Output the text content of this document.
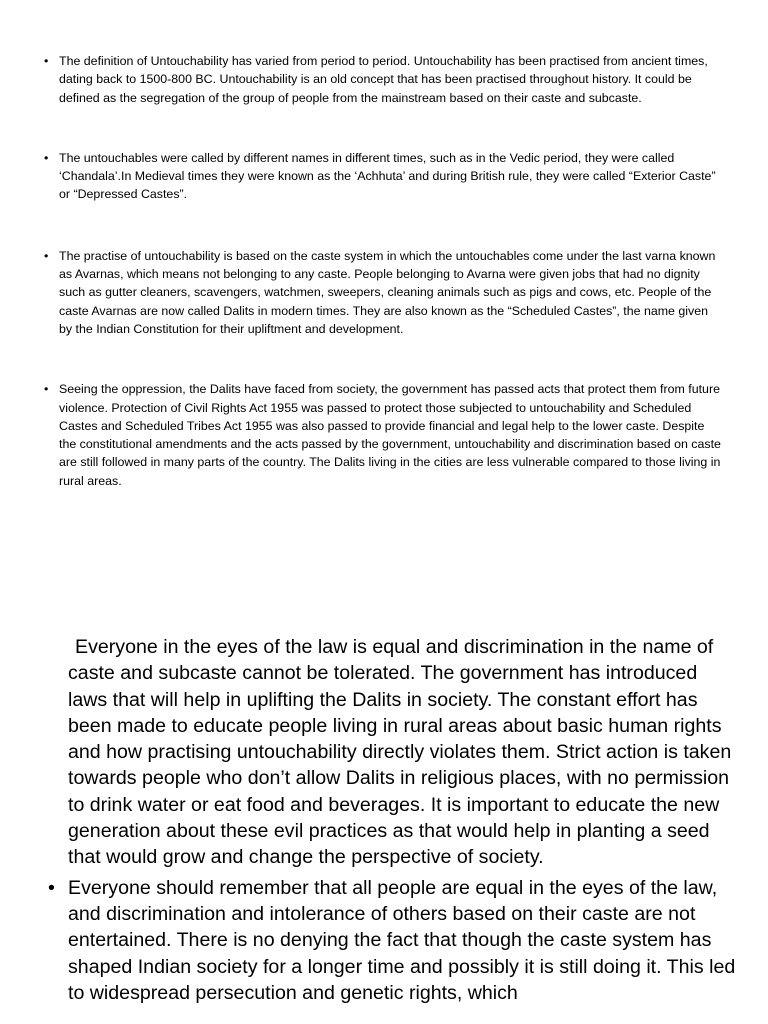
• The definition of Untouchability has varied from period to period. Untouchability has been practised from ancient times, dating back to 1500-800 BC. Untouchability is an old concept that has been practised throughout history. It could be defined as the segregation of the group of people from the mainstream based on their caste and subcaste.
• The untouchables were called by different names in different times, such as in the Vedic period, they were called ‘Chandala’.In Medieval times they were known as the ‘Achhuta’ and during British rule, they were called “Exterior Caste” or “Depressed Castes”.
• The practise of untouchability is based on the caste system in which the untouchables come under the last varna known as Avarnas, which means not belonging to any caste. People belonging to Avarna were given jobs that had no dignity such as gutter cleaners, scavengers, watchmen, sweepers, cleaning animals such as pigs and cows, etc. People of the caste Avarnas are now called Dalits in modern times. They are also known as the “Scheduled Castes”, the name given by the Indian Constitution for their upliftment and development.
• Seeing the oppression, the Dalits have faced from society, the government has passed acts that protect them from future violence. Protection of Civil Rights Act 1955 was passed to protect those subjected to untouchability and Scheduled Castes and Scheduled Tribes Act 1955 was also passed to provide financial and legal help to the lower caste. Despite the constitutional amendments and the acts passed by the government, untouchability and discrimination based on caste are still followed in many parts of the country. The Dalits living in the cities are less vulnerable compared to those living in rural areas.

Everyone in the eyes of the law is equal and discrimination in the name of caste and subcaste cannot be tolerated. The government has introduced laws that will help in uplifting the Dalits in society. The constant effort has been made to educate people living in rural areas about basic human rights and how practising untouchability directly violates them. Strict action is taken towards people who don’t allow Dalits in religious places, with no permission to drink water or eat food and beverages. It is important to educate the new generation about these evil practices as that would help in planting a seed that would grow and change the perspective of society.

• Everyone should remember that all people are equal in the eyes of the law, and discrimination and intolerance of others based on their caste are not entertained. There is no denying the fact that though the caste system has shaped Indian society for a longer time and possibly it is still doing it. This led to widespread persecution and genetic rights, which
